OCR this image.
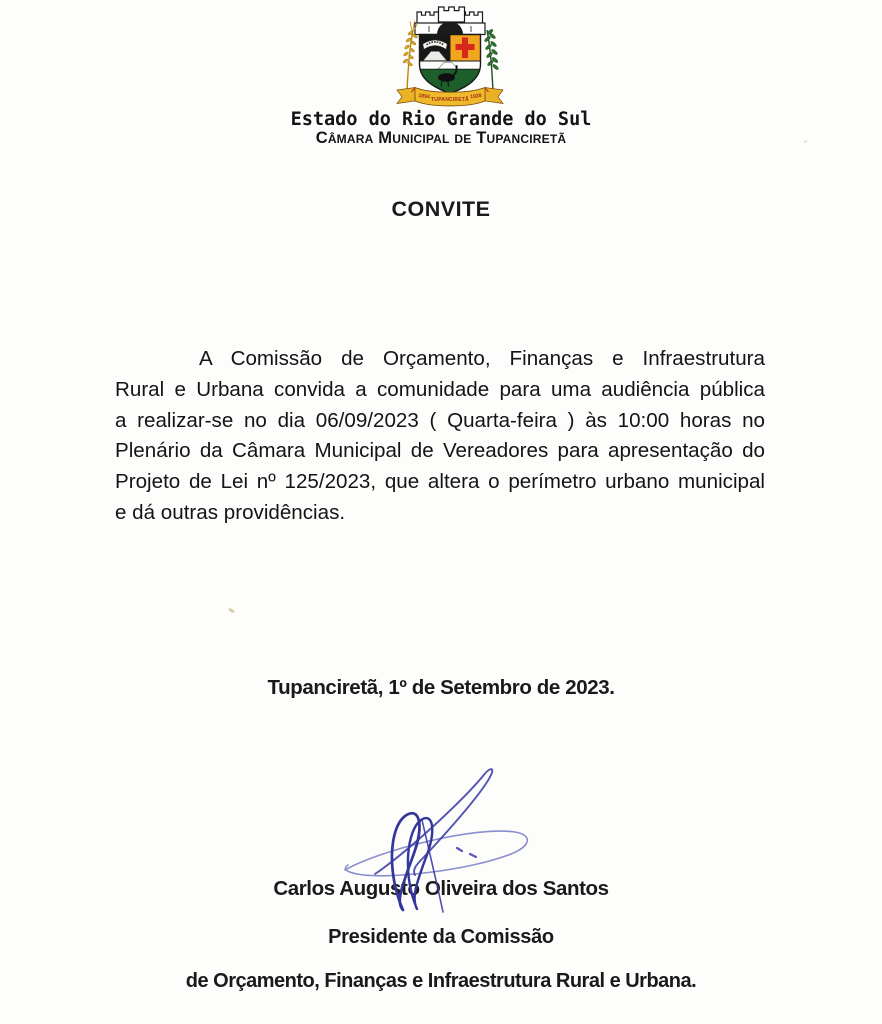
1894 TUPANCIRETÃ 1928
Estado do Rio Grande do Sul
Câmara Municipal de Tupanciretã
CONVITE
A Comissão de Orçamento, Finanças e Infraestrutura
Rural e Urbana convida a comunidade para uma audiência pública
a realizar-se no dia 06/09/2023 ( Quarta-feira ) às 10:00 horas no
Plenário da Câmara Municipal de Vereadores para apresentação do
Projeto de Lei nº 125/2023, que altera o perímetro urbano municipal
e dá outras providências.
Tupanciretã, 1º de Setembro de 2023.
Carlos Augusto Oliveira dos Santos
Presidente da Comissão
de Orçamento, Finanças e Infraestrutura Rural e Urbana.
